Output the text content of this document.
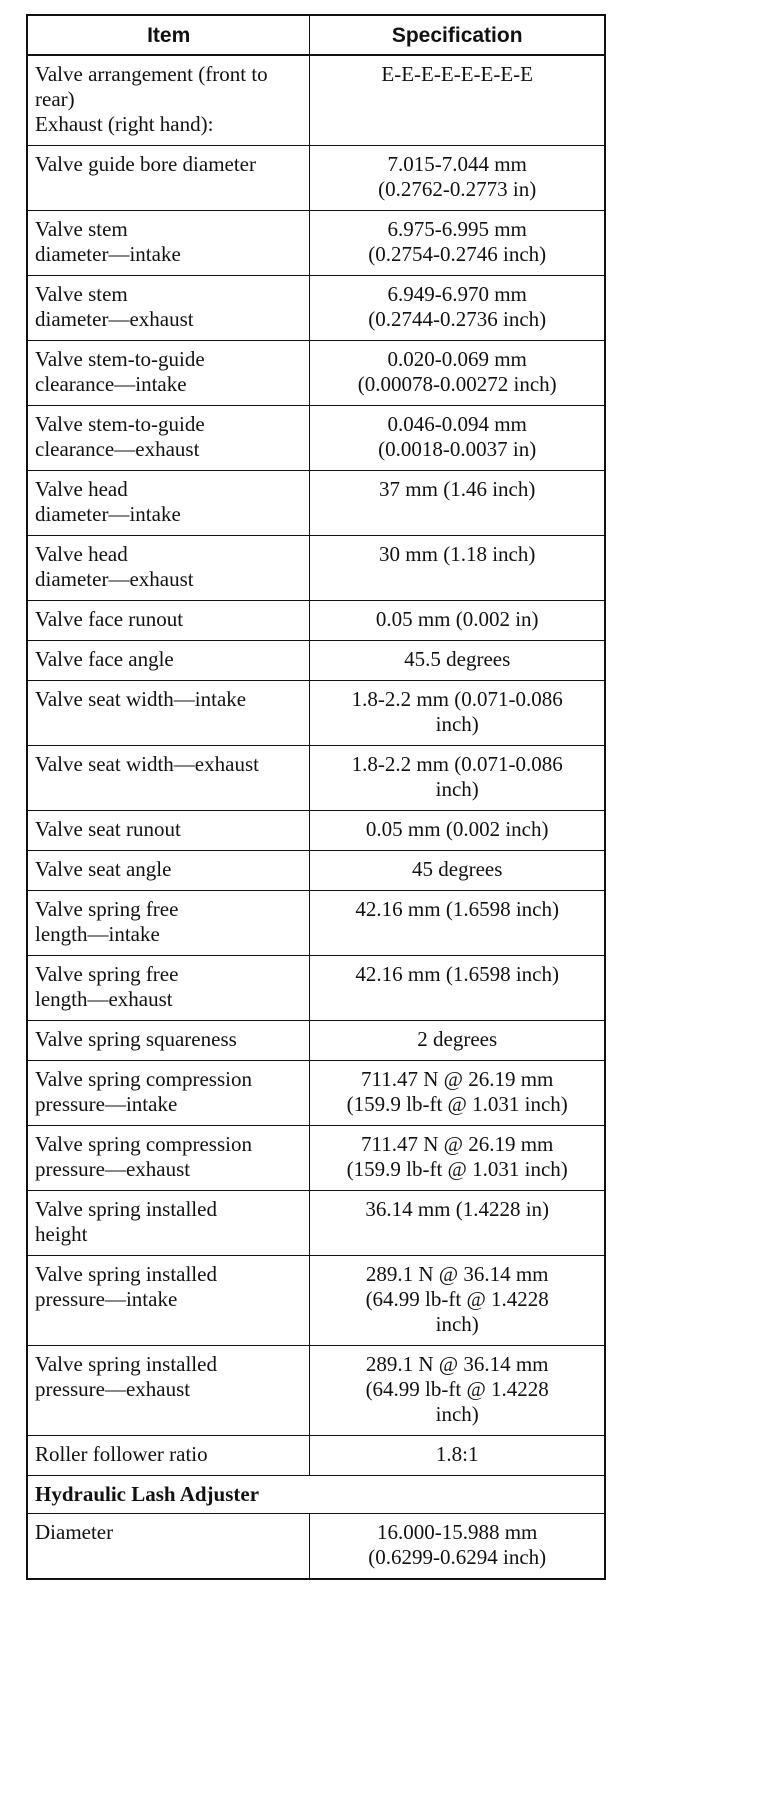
Item	Specification
Valve arrangement (front to rear)
Exhaust (right hand):	E-E-E-E-E-E-E-E
Valve guide bore diameter	7.015-7.044 mm
(0.2762-0.2773 in)
Valve stem
diameter—intake	6.975-6.995 mm
(0.2754-0.2746 inch)
Valve stem
diameter—exhaust	6.949-6.970 mm
(0.2744-0.2736 inch)
Valve stem-to-guide
clearance—intake	0.020-0.069 mm
(0.00078-0.00272 inch)
Valve stem-to-guide
clearance—exhaust	0.046-0.094 mm
(0.0018-0.0037 in)
Valve head
diameter—intake	37 mm (1.46 inch)
Valve head
diameter—exhaust	30 mm (1.18 inch)
Valve face runout	0.05 mm (0.002 in)
Valve face angle	45.5 degrees
Valve seat width—intake	1.8-2.2 mm (0.071-0.086
inch)
Valve seat width—exhaust	1.8-2.2 mm (0.071-0.086
inch)
Valve seat runout	0.05 mm (0.002 inch)
Valve seat angle	45 degrees
Valve spring free
length—intake	42.16 mm (1.6598 inch)
Valve spring free
length—exhaust	42.16 mm (1.6598 inch)
Valve spring squareness	2 degrees
Valve spring compression
pressure—intake	711.47 N @ 26.19 mm
(159.9 lb-ft @ 1.031 inch)
Valve spring compression
pressure—exhaust	711.47 N @ 26.19 mm
(159.9 lb-ft @ 1.031 inch)
Valve spring installed
height	36.14 mm (1.4228 in)
Valve spring installed
pressure—intake	289.1 N @ 36.14 mm
(64.99 lb-ft @ 1.4228
inch)
Valve spring installed
pressure—exhaust	289.1 N @ 36.14 mm
(64.99 lb-ft @ 1.4228
inch)
Roller follower ratio	1.8:1
Hydraulic Lash Adjuster	
Diameter	16.000-15.988 mm
(0.6299-0.6294 inch)
